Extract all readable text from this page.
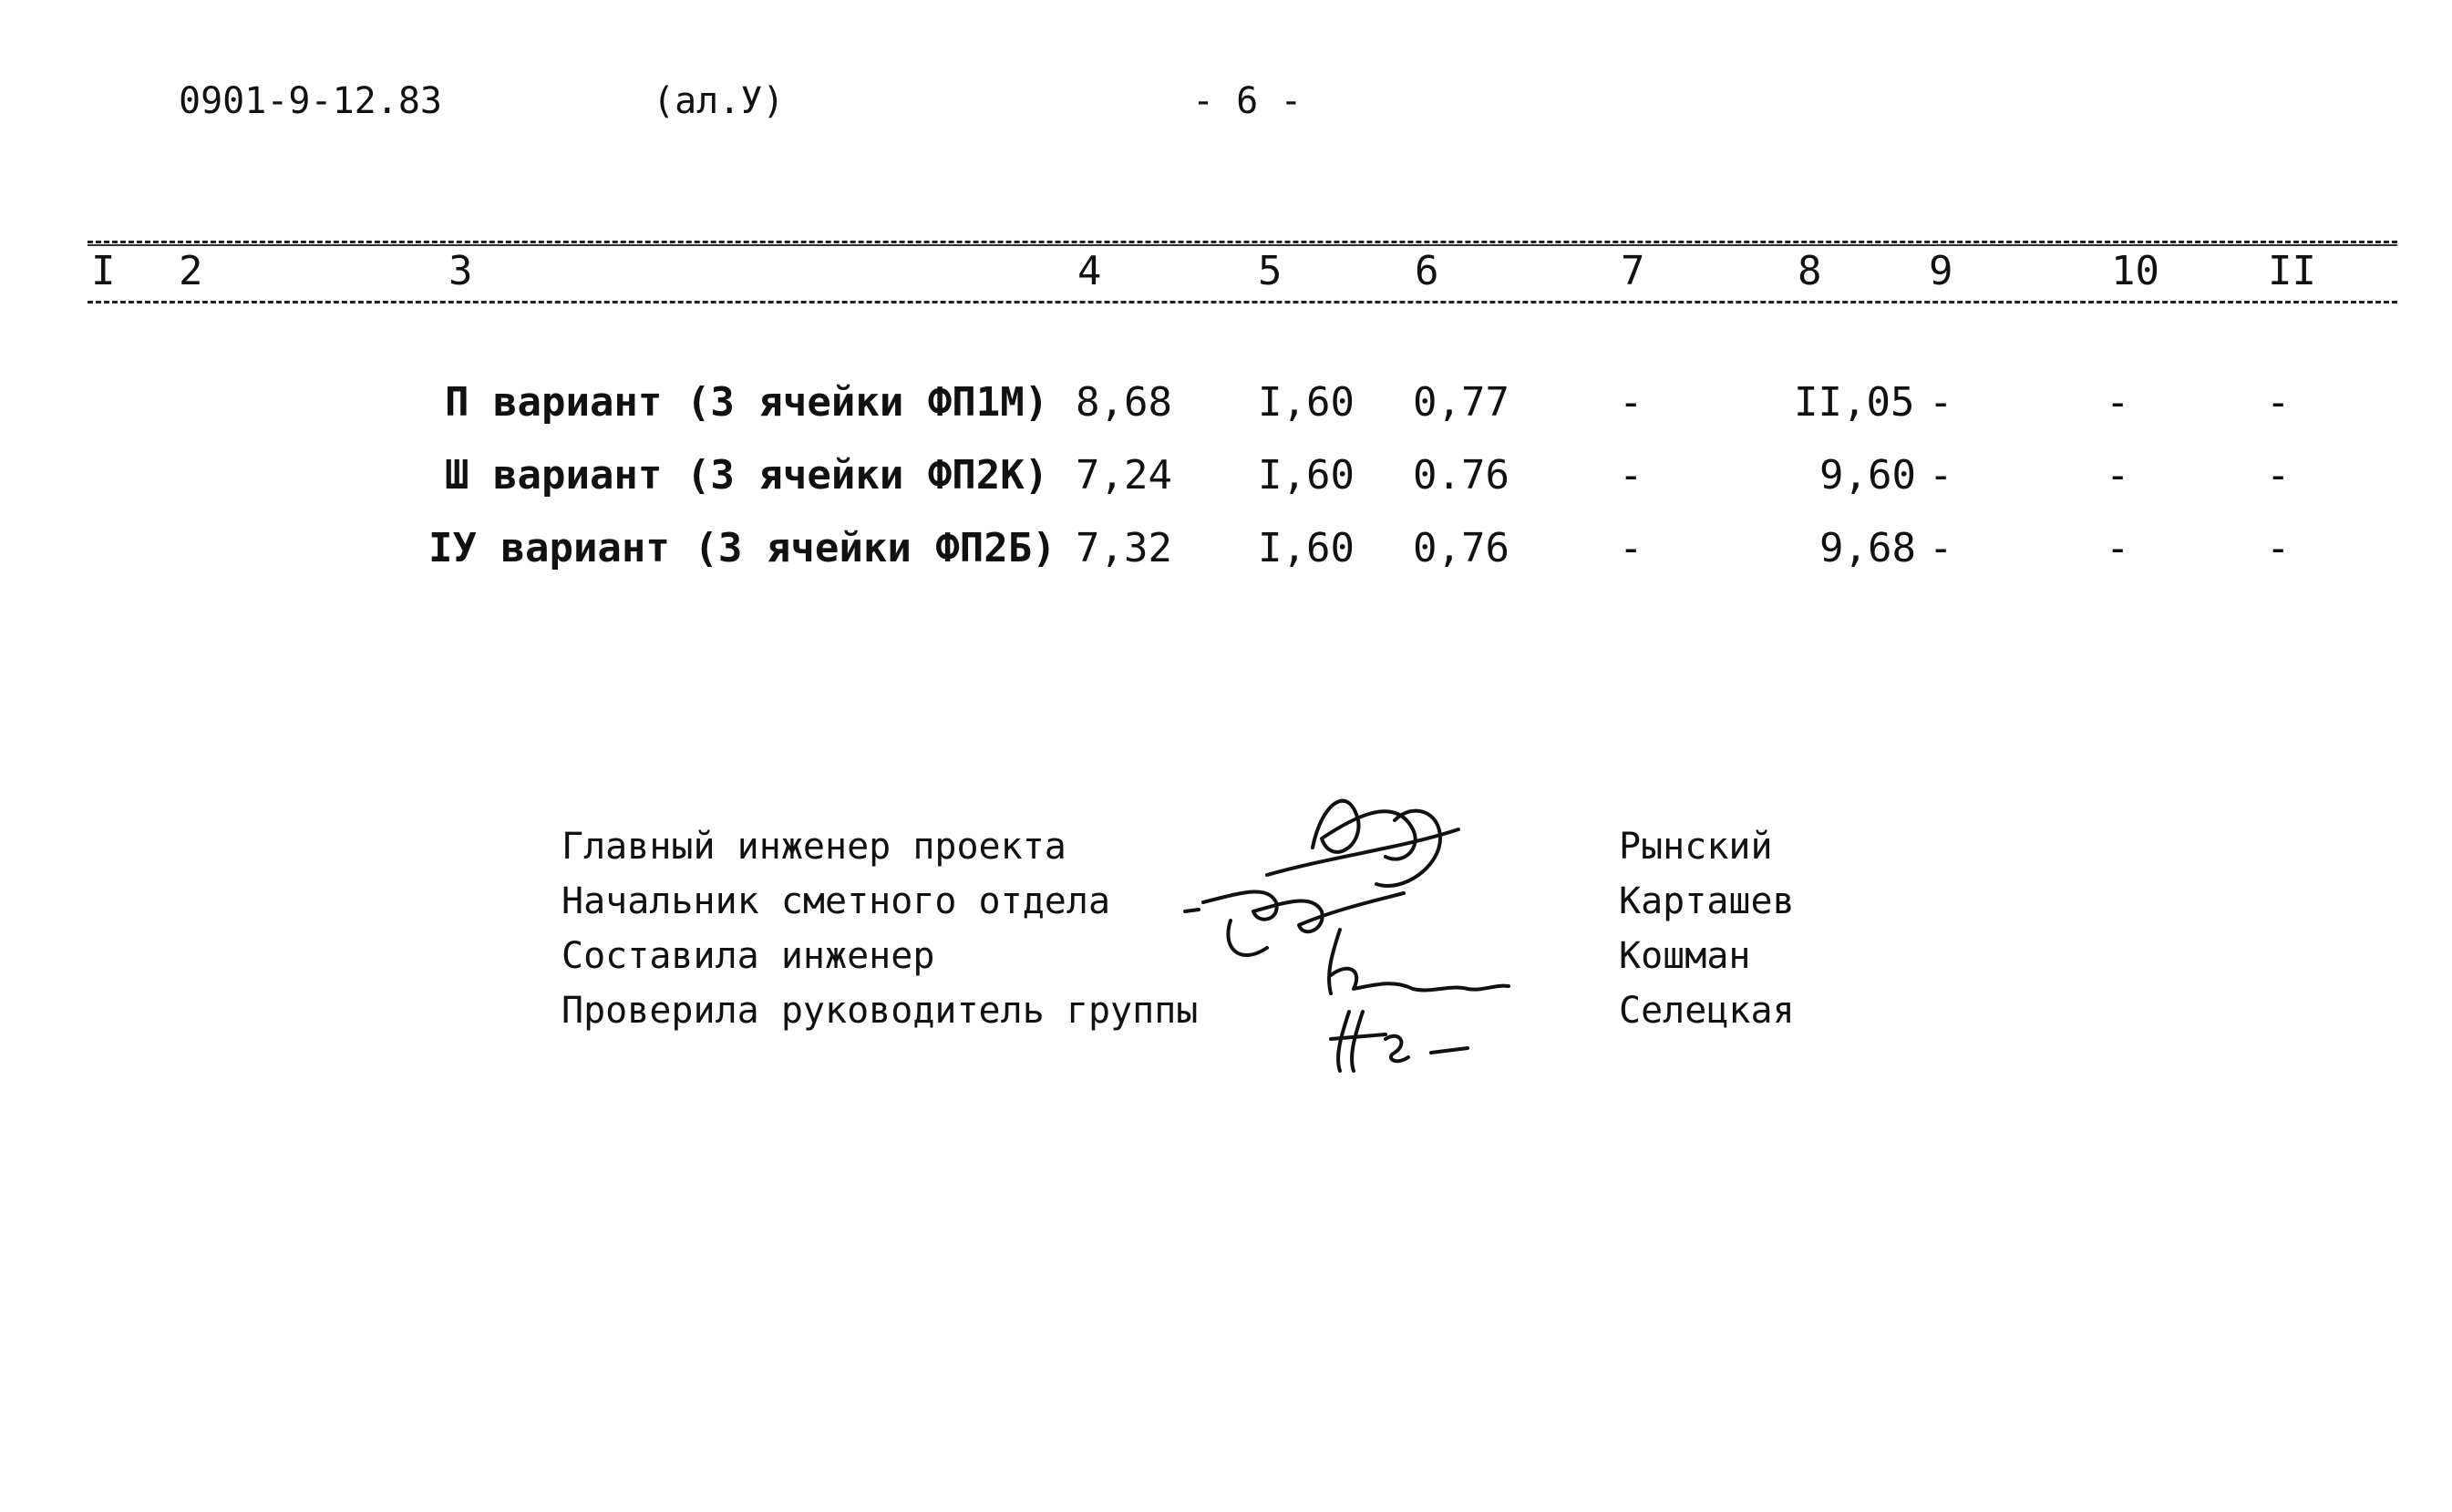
0901-9-12.83	(ал.У)	- 6 -
I 2	3	4	5	6	7	8	9	10	II
П вариант (3 ячейки ФП1М) 8,68 I,60 0,77	-	II,05 -	-	-
Ш вариант (3 ячейки ФП2К) 7,24 I,60 0.76	-	9,60 -	-	-
IУ вариант (3 ячейки ФП2Б) 7,32 I,60 0,76	-	9,68 -	-	-
Главный инженер проекта	Рынский
Начальник сметного отдела	Карташев
Составила инженер	Кошман
Проверила руководитель группы	Селецкая
